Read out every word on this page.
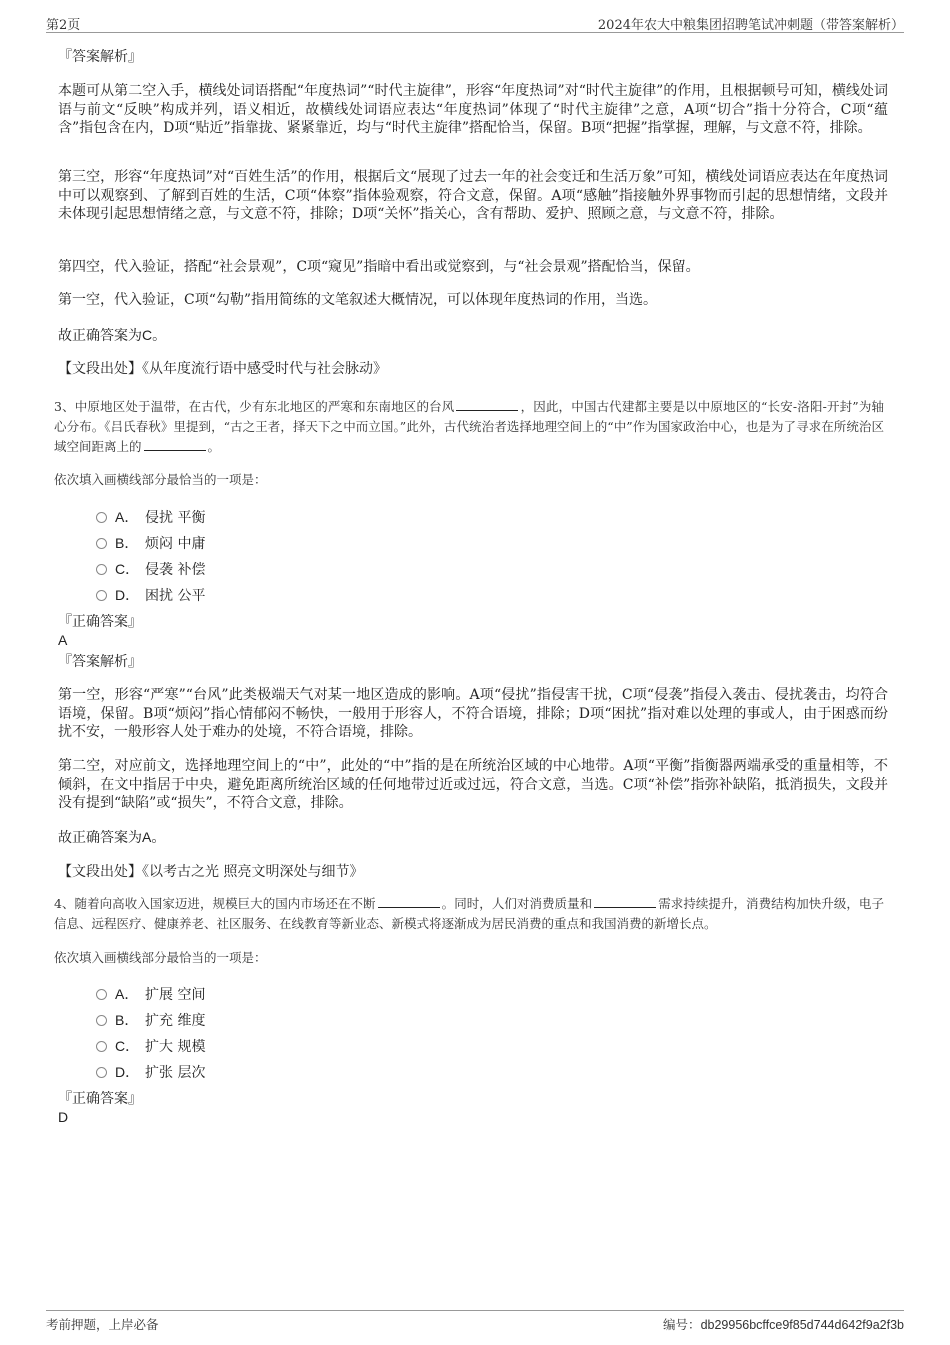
第2页	2024年农大中粮集团招聘笔试冲刺题（带答案解析）
『答案解析』

本题可从第二空入手，横线处词语搭配“年度热词”“时代主旋律”，形容“年度热词”对“时代主旋律”的作用，且根据顿号可知，横线处词语与前文“反映”构成并列，语义相近，故横线处词语应表达“年度热词”体现了“时代主旋律”之意，A项“切合”指十分符合，C项“蕴含”指包含在内，D项“贴近”指靠拢、紧紧靠近，均与“时代主旋律”搭配恰当，保留。B项“把握”指掌握，理解，与文意不符，排除。

第三空，形容“年度热词”对“百姓生活”的作用，根据后文“展现了过去一年的社会变迁和生活万象”可知，横线处词语应表达在年度热词中可以观察到、了解到百姓的生活，C项“体察”指体验观察，符合文意，保留。A项“感触”指接触外界事物而引起的思想情绪，文段并未体现引起思想情绪之意，与文意不符，排除；D项“关怀”指关心，含有帮助、爱护、照顾之意，与文意不符，排除。

第四空，代入验证，搭配“社会景观”，C项“窥见”指暗中看出或觉察到，与“社会景观”搭配恰当，保留。

第一空，代入验证，C项“勾勒”指用简练的文笔叙述大概情况，可以体现年度热词的作用，当选。

故正确答案为C。
【文段出处】《从年度流行语中感受时代与社会脉动》

3、中原地区处于温带，在古代，少有东北地区的严寒和东南地区的台风	，因此，中国古代建都主要是以中原地区的“长安-洛阳-开封”为轴心分布。《吕氏春秋》里提到，“古之王者，择天下之中而立国。”此外，古代统治者选择地理空间上的“中”作为国家政治中心，也是为了寻求在所统治区域空间距离上的	。

依次填入画横线部分最恰当的一项是：
A． 侵扰 平衡
B． 烦闷 中庸
C． 侵袭 补偿
D． 困扰 公平
『正确答案』
A
『答案解析』

第一空，形容“严寒”“台风”此类极端天气对某一地区造成的影响。A项“侵扰”指侵害干扰，C项“侵袭”指侵入袭击、侵扰袭击，均符合语境，保留。B项“烦闷”指心情郁闷不畅快，一般用于形容人，不符合语境，排除；D项“困扰”指对难以处理的事或人，由于困惑而纷扰不安，一般形容人处于难办的处境，不符合语境，排除。

第二空，对应前文，选择地理空间上的“中”，此处的“中”指的是在所统治区域的中心地带。A项“平衡”指衡器两端承受的重量相等，不倾斜，在文中指居于中央，避免距离所统治区域的任何地带过近或过远，符合文意，当选。C项“补偿”指弥补缺陷，抵消损失，文段并没有提到“缺陷”或“损失”，不符合文意，排除。

故正确答案为A。
【文段出处】《以考古之光 照亮文明深处与细节》

4、随着向高收入国家迈进，规模巨大的国内市场还在不断	。同时，人们对消费质量和	需求持续提升，消费结构加快升级，电子信息、远程医疗、健康养老、社区服务、在线教育等新业态、新模式将逐渐成为居民消费的重点和我国消费的新增长点。

依次填入画横线部分最恰当的一项是：
A． 扩展 空间
B． 扩充 维度
C． 扩大 规模
D． 扩张 层次
『正确答案』
D
考前押题，上岸必备	编号：db29956bcffce9f85d744d642f9a2f3b
